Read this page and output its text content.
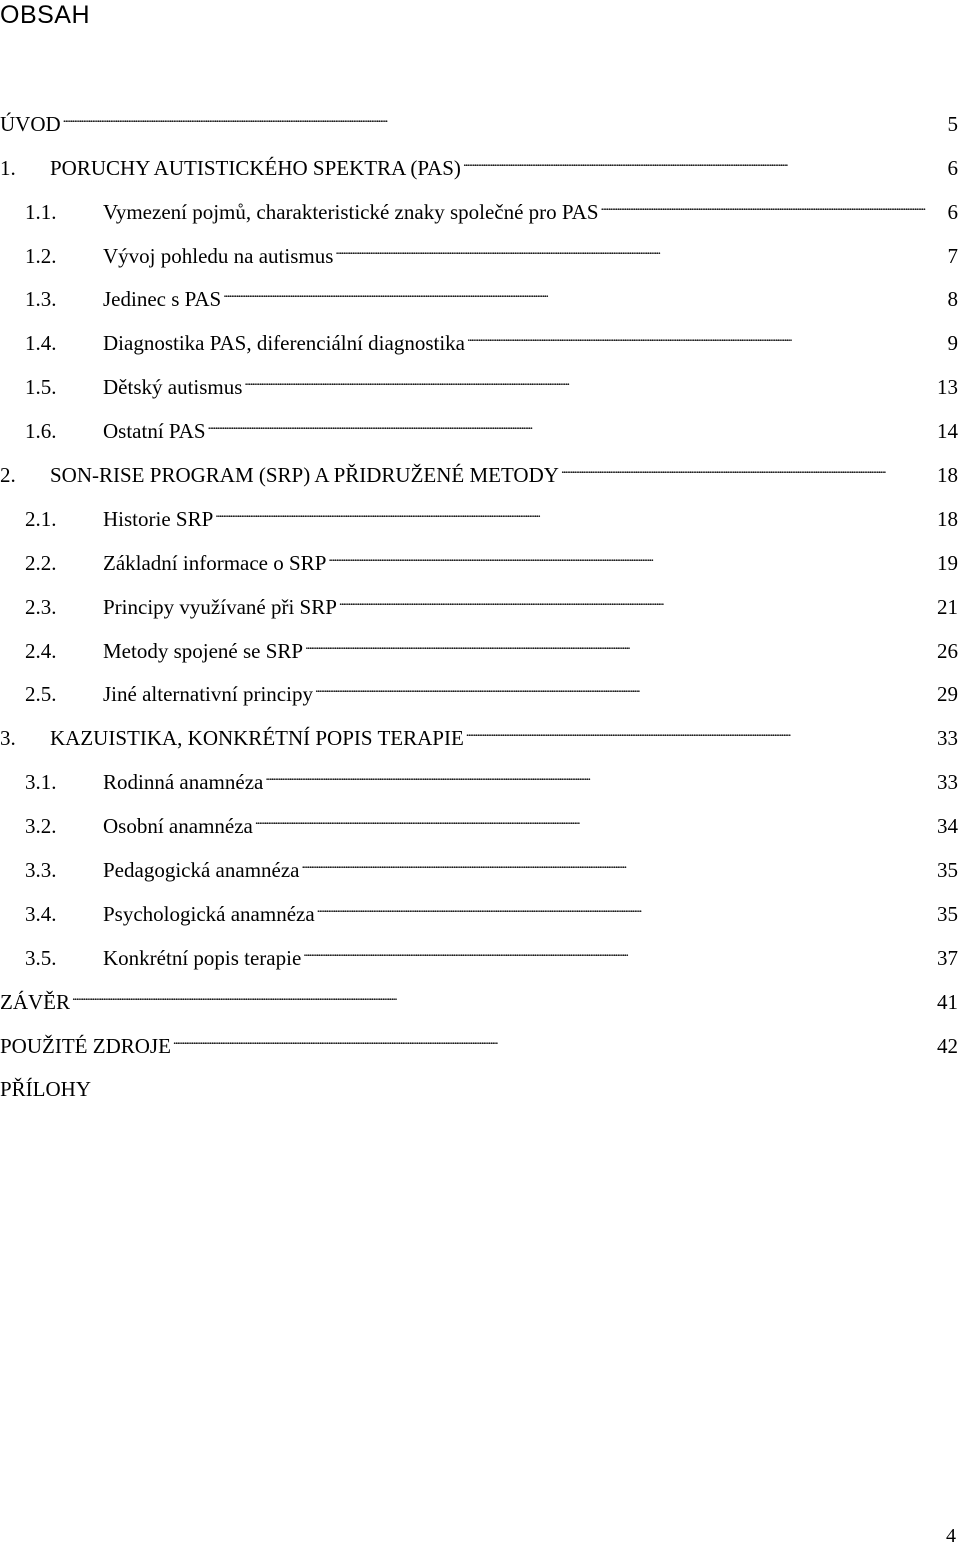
OBSAH
ÚVOD . . .	5
1.	PORUCHY AUTISTICKÉHO SPEKTRA (PAS) . . .	6
1.1.	Vymezení pojmů, charakteristické znaky společné pro PAS . . .	6
1.2.	Vývoj pohledu na autismus . . .	7
1.3.	Jedinec s PAS . . .	8
1.4.	Diagnostika PAS, diferenciální diagnostika . . .	9
1.5.	Dětský autismus . . .	13
1.6.	Ostatní PAS . . .	14
2.	SON-RISE PROGRAM (SRP) A PŘIDRUŽENÉ METODY . . .	18
2.1.	Historie SRP . . .	18
2.2.	Základní informace o SRP . . .	19
2.3.	Principy využívané při SRP . . .	21
2.4.	Metody spojené se SRP . . .	26
2.5.	Jiné alternativní principy . . .	29
3.	KAZUISTIKA, KONKRÉTNÍ POPIS TERAPIE . . .	33
3.1.	Rodinná anamnéza . . .	33
3.2.	Osobní anamnéza . . .	34
3.3.	Pedagogická anamnéza . . .	35
3.4.	Psychologická anamnéza . . .	35
3.5.	Konkrétní popis terapie . . .	37
ZÁVĚR . . .	41
POUŽITÉ ZDROJE . . .	42
PŘÍLOHY
4
